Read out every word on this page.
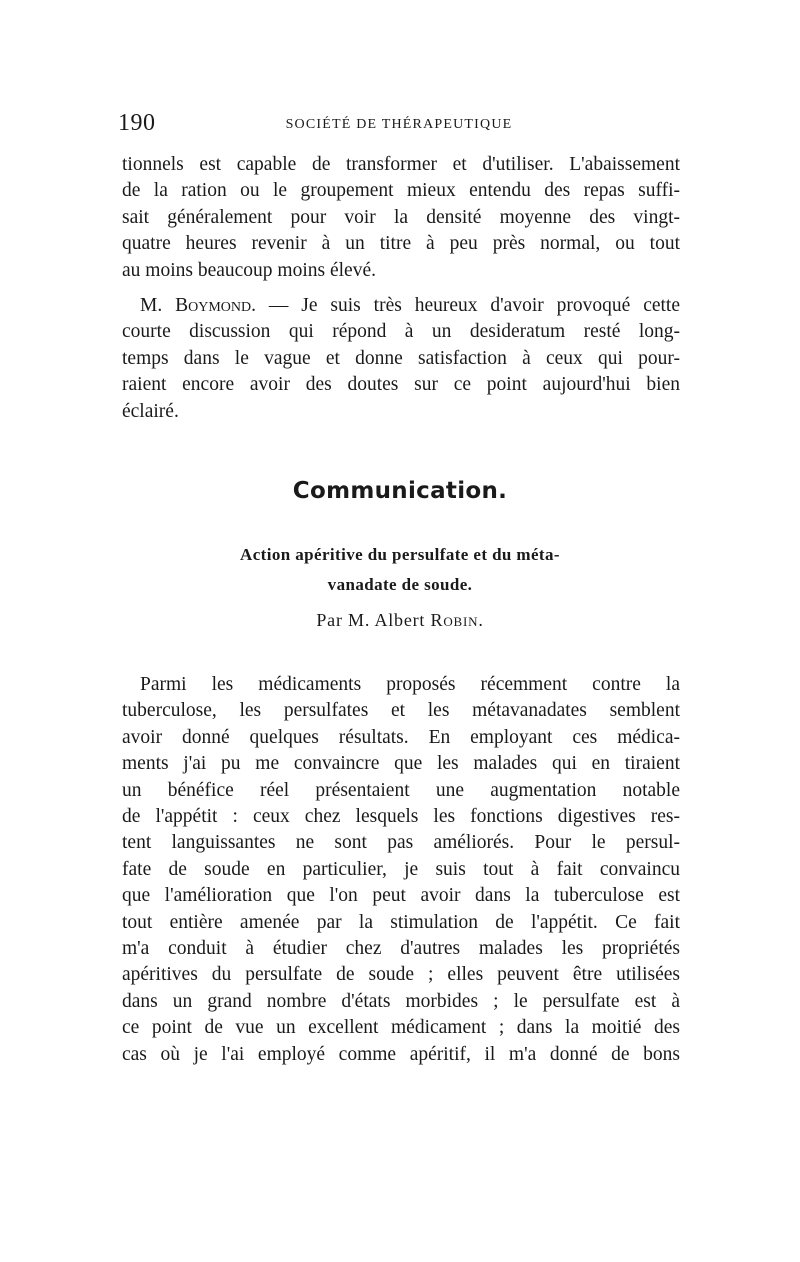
190	SOCIÉTÉ DE THÉRAPEUTIQUE

tionnels est capable de transformer et d'utiliser. L'abaissement
de la ration ou le groupement mieux entendu des repas suffi-
sait généralement pour voir la densité moyenne des vingt-
quatre heures revenir à un titre à peu près normal, ou tout
au moins beaucoup moins élevé.

M. Boymond. — Je suis très heureux d'avoir provoqué cette
courte discussion qui répond à un desideratum resté long-
temps dans le vague et donne satisfaction à ceux qui pour-
raient encore avoir des doutes sur ce point aujourd'hui bien
éclairé.

Communication.
Action apéritive du persulfate et du méta-
vanadate de soude.
Par M. Albert Robin.

Parmi les médicaments proposés récemment contre la
tuberculose, les persulfates et les métavanadates semblent
avoir donné quelques résultats. En employant ces médica-
ments j'ai pu me convaincre que les malades qui en tiraient
un bénéfice réel présentaient une augmentation notable
de l'appétit : ceux chez lesquels les fonctions digestives res-
tent languissantes ne sont pas améliorés. Pour le persul-
fate de soude en particulier, je suis tout à fait convaincu
que l'amélioration que l'on peut avoir dans la tuberculose est
tout entière amenée par la stimulation de l'appétit. Ce fait
m'a conduit à étudier chez d'autres malades les propriétés
apéritives du persulfate de soude ; elles peuvent être utilisées
dans un grand nombre d'états morbides ; le persulfate est à
ce point de vue un excellent médicament ; dans la moitié des
cas où je l'ai employé comme apéritif, il m'a donné de bons
